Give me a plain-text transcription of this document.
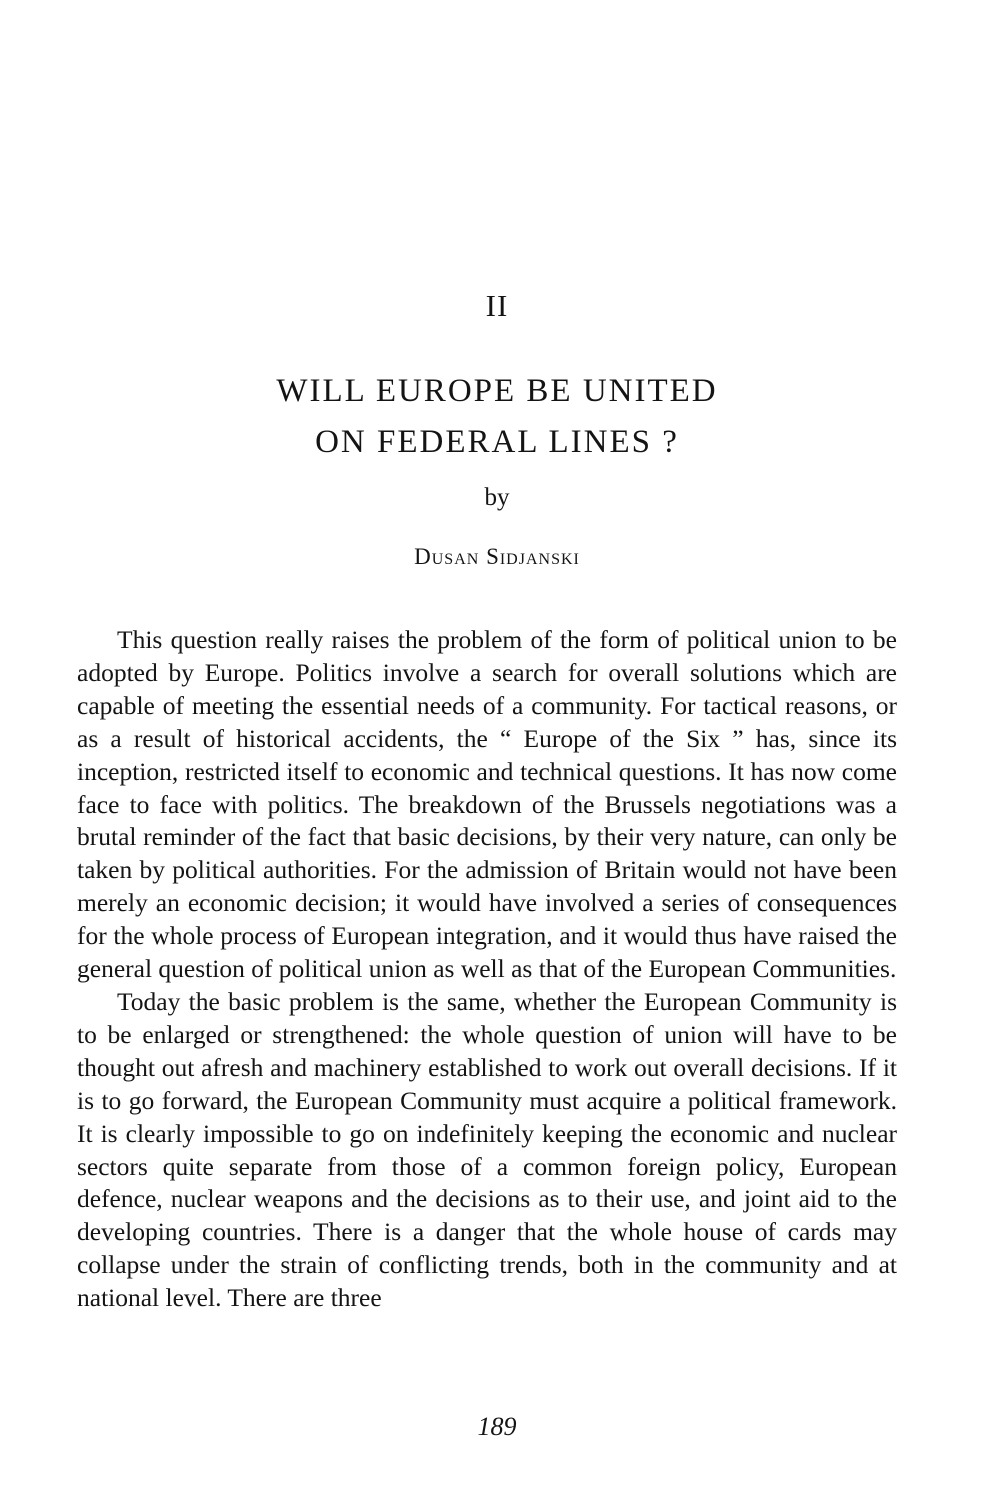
II
WILL EUROPE BE UNITED
ON FEDERAL LINES ?
by
Dusan Sidjanski

This question really raises the problem of the form of political union to be adopted by Europe. Politics involve a search for overall solutions which are capable of meeting the essential needs of a community. For tactical reasons, or as a result of historical accidents, the “ Europe of the Six ” has, since its inception, restricted itself to economic and technical questions. It has now come face to face with politics. The breakdown of the Brussels negotiations was a brutal reminder of the fact that basic decisions, by their very nature, can only be taken by political authorities. For the admission of Britain would not have been merely an economic decision; it would have involved a series of consequences for the whole process of European integration, and it would thus have raised the general question of political union as well as that of the European Communities.

Today the basic problem is the same, whether the European Community is to be enlarged or strengthened: the whole question of union will have to be thought out afresh and machinery established to work out overall decisions. If it is to go forward, the European Community must acquire a political framework. It is clearly impossible to go on indefinitely keeping the economic and nuclear sectors quite separate from those of a common foreign policy, European defence, nuclear weapons and the decisions as to their use, and joint aid to the developing countries. There is a danger that the whole house of cards may collapse under the strain of conflicting trends, both in the community and at national level. There are three

189
